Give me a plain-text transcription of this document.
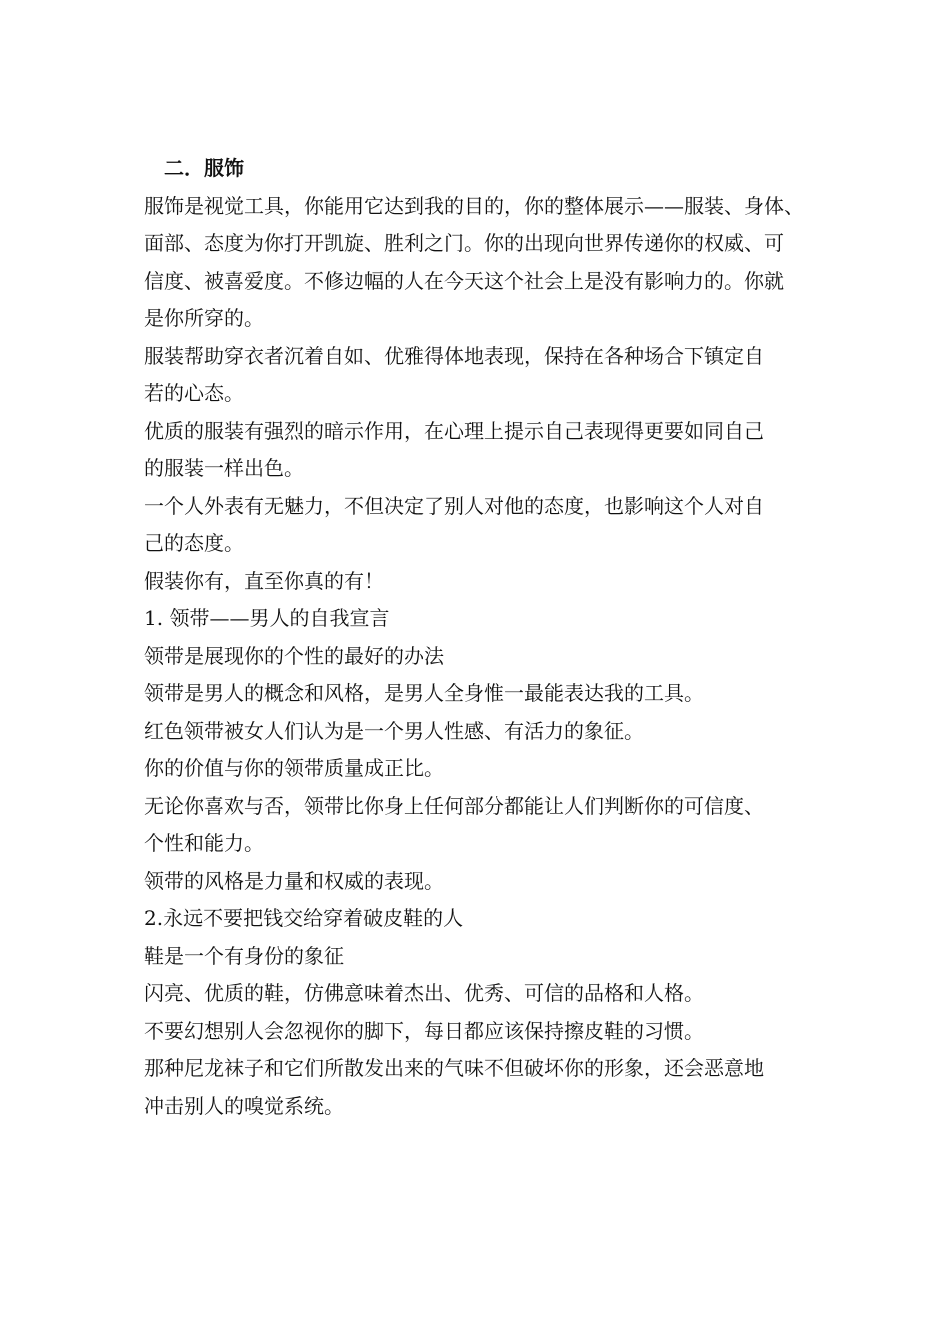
二．服饰

服饰是视觉工具，你能用它达到我的目的，你的整体展示——服装、身体、
面部、态度为你打开凯旋、胜利之门。你的出现向世界传递你的权威、可
信度、被喜爱度。不修边幅的人在今天这个社会上是没有影响力的。你就
是你所穿的。

服装帮助穿衣者沉着自如、优雅得体地表现，保持在各种场合下镇定自
若的心态。

优质的服装有强烈的暗示作用，在心理上提示自己表现得更要如同自己
的服装一样出色。

一个人外表有无魅力，不但决定了别人对他的态度，也影响这个人对自
己的态度。

假装你有，直至你真的有！

1. 领带——男人的自我宣言

领带是展现你的个性的最好的办法

领带是男人的概念和风格，是男人全身惟一最能表达我的工具。

红色领带被女人们认为是一个男人性感、有活力的象征。

你的价值与你的领带质量成正比。

无论你喜欢与否，领带比你身上任何部分都能让人们判断你的可信度、
个性和能力。

领带的风格是力量和权威的表现。

2.永远不要把钱交给穿着破皮鞋的人

鞋是一个有身份的象征

闪亮、优质的鞋，仿佛意味着杰出、优秀、可信的品格和人格。

不要幻想别人会忽视你的脚下，每日都应该保持擦皮鞋的习惯。

那种尼龙袜子和它们所散发出来的气味不但破坏你的形象，还会恶意地
冲击别人的嗅觉系统。
